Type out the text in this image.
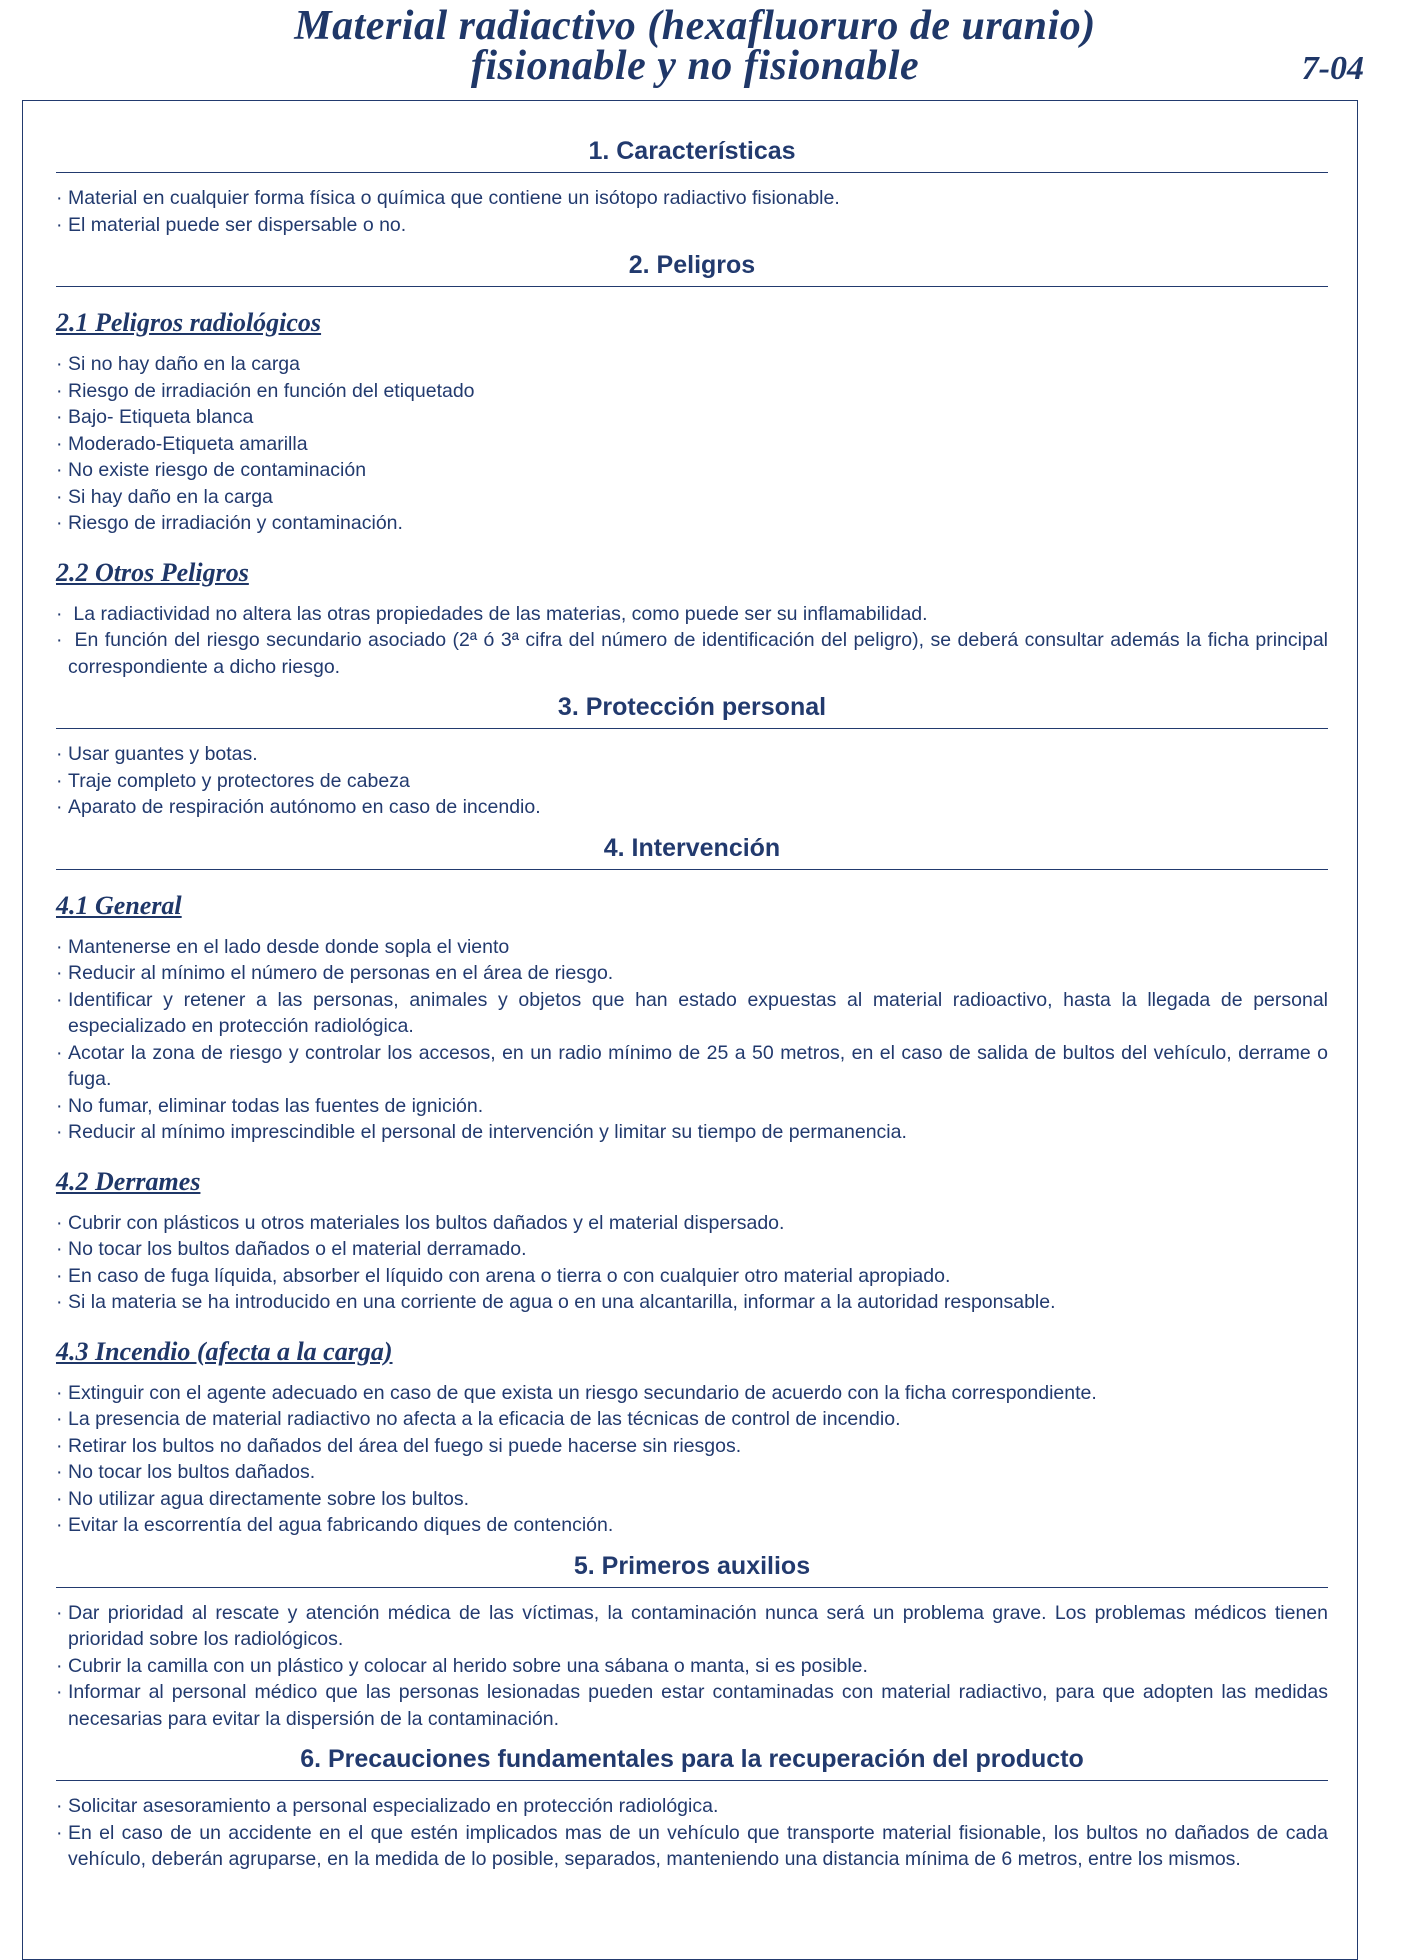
Material radiactivo (hexafluoruro de uranio)
fisionable y no fisionable	7-04
1. Características
· Material en cualquier forma física o química que contiene un isótopo radiactivo fisionable.
· El material puede ser dispersable o no.
2. Peligros
2.1 Peligros radiológicos
· Si no hay daño en la carga
· Riesgo de irradiación en función del etiquetado
· Bajo- Etiqueta blanca
· Moderado-Etiqueta amarilla
· No existe riesgo de contaminación
· Si hay daño en la carga
· Riesgo de irradiación y contaminación.
2.2 Otros Peligros
· La radiactividad no altera las otras propiedades de las materias, como puede ser su inflamabilidad.
· En función del riesgo secundario asociado (2ª ó 3ª cifra del número de identificación del peligro), se deberá consultar además la ficha principal correspondiente a dicho riesgo.
3. Protección personal
· Usar guantes y botas.
· Traje completo y protectores de cabeza
· Aparato de respiración autónomo en caso de incendio.
4. Intervención
4.1 General
· Mantenerse en el lado desde donde sopla el viento
· Reducir al mínimo el número de personas en el área de riesgo.
· Identificar y retener a las personas, animales y objetos que han estado expuestas al material radioactivo, hasta la llegada de personal especializado en protección radiológica.
· Acotar la zona de riesgo y controlar los accesos, en un radio mínimo de 25 a 50 metros, en el caso de salida de bultos del vehículo, derrame o fuga.
· No fumar, eliminar todas las fuentes de ignición.
· Reducir al mínimo imprescindible el personal de intervención y limitar su tiempo de permanencia.
4.2 Derrames
· Cubrir con plásticos u otros materiales los bultos dañados y el material dispersado.
· No tocar los bultos dañados o el material derramado.
· En caso de fuga líquida, absorber el líquido con arena o tierra o con cualquier otro material apropiado.
· Si la materia se ha introducido en una corriente de agua o en una alcantarilla, informar a la autoridad responsable.
4.3 Incendio (afecta a la carga)
· Extinguir con el agente adecuado en caso de que exista un riesgo secundario de acuerdo con la ficha correspondiente.
· La presencia de material radiactivo no afecta a la eficacia de las técnicas de control de incendio.
· Retirar los bultos no dañados del área del fuego si puede hacerse sin riesgos.
· No tocar los bultos dañados.
· No utilizar agua directamente sobre los bultos.
· Evitar la escorrentía del agua fabricando diques de contención.
5. Primeros auxilios
· Dar prioridad al rescate y atención médica de las víctimas, la contaminación nunca será un problema grave. Los problemas médicos tienen prioridad sobre los radiológicos.
· Cubrir la camilla con un plástico y colocar al herido sobre una sábana o manta, si es posible.
· Informar al personal médico que las personas lesionadas pueden estar contaminadas con material radiactivo, para que adopten las medidas necesarias para evitar la dispersión de la contaminación.
6. Precauciones fundamentales para la recuperación del producto
· Solicitar asesoramiento a personal especializado en protección radiológica.
· En el caso de un accidente en el que estén implicados mas de un vehículo que transporte material fisionable, los bultos no dañados de cada vehículo, deberán agruparse, en la medida de lo posible, separados, manteniendo una distancia mínima de 6 metros, entre los mismos.
